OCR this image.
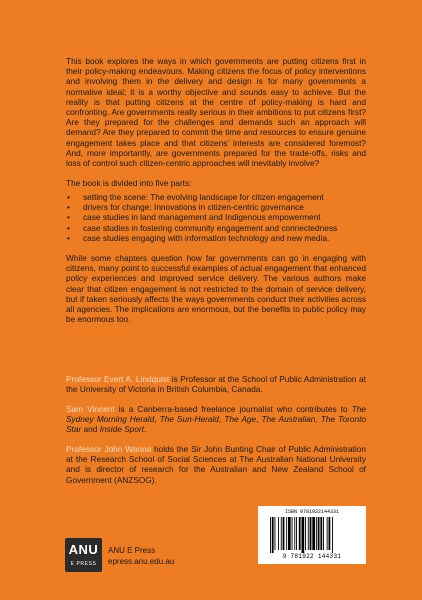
This book explores the ways in which governments are putting citizens first in their policy-making endeavours. Making citizens the focus of policy interventions and involving them in the delivery and design is for many governments a normative ideal; it is a worthy objective and sounds easy to achieve. But the reality is that putting citizens at the centre of policy-making is hard and confronting. Are governments really serious in their ambitions to put citizens first? Are they prepared for the challenges and demands such an approach will demand? Are they prepared to commit the time and resources to ensure genuine engagement takes place and that citizens’ interests are considered foremost? And, more importantly, are governments prepared for the trade-offs, risks and loss of control such citizen-centric approaches will inevitably involve?

The book is divided into five parts:

• setting the scene: The evolving landscape for citizen engagement
• drivers for change: Innovations in citizen-centric governance
• case studies in land management and Indigenous empowerment
• case studies in fostering community engagement and connectedness
• case studies engaging with information technology and new media.

While some chapters question how far governments can go in engaging with citizens, many point to successful examples of actual engagement that enhanced policy experiences and improved service delivery. The various authors make clear that citizen engagement is not restricted to the domain of service delivery, but if taken seriously affects the ways governments conduct their activities across all agencies. The implications are enormous, but the benefits to public policy may be enormous too.

Professor Evert A. Lindquist is Professor at the School of Public Administration at the University of Victoria in British Columbia, Canada.

Sam Vincent is a Canberra-based freelance journalist who contributes to The Sydney Morning Herald, The Sun-Herald, The Age, The Australian, The Toronto Star and Inside Sport.

Professor John Wanna holds the Sir John Bunting Chair of Public Administration at the Research School of Social Sciences at The Australian National University and is director of research for the Australian and New Zealand School of Government (ANZSOG).

ISBN 9781922144331
9 781922 144331
ANU
E PRESS
ANU E Press
epress.anu.edu.au
